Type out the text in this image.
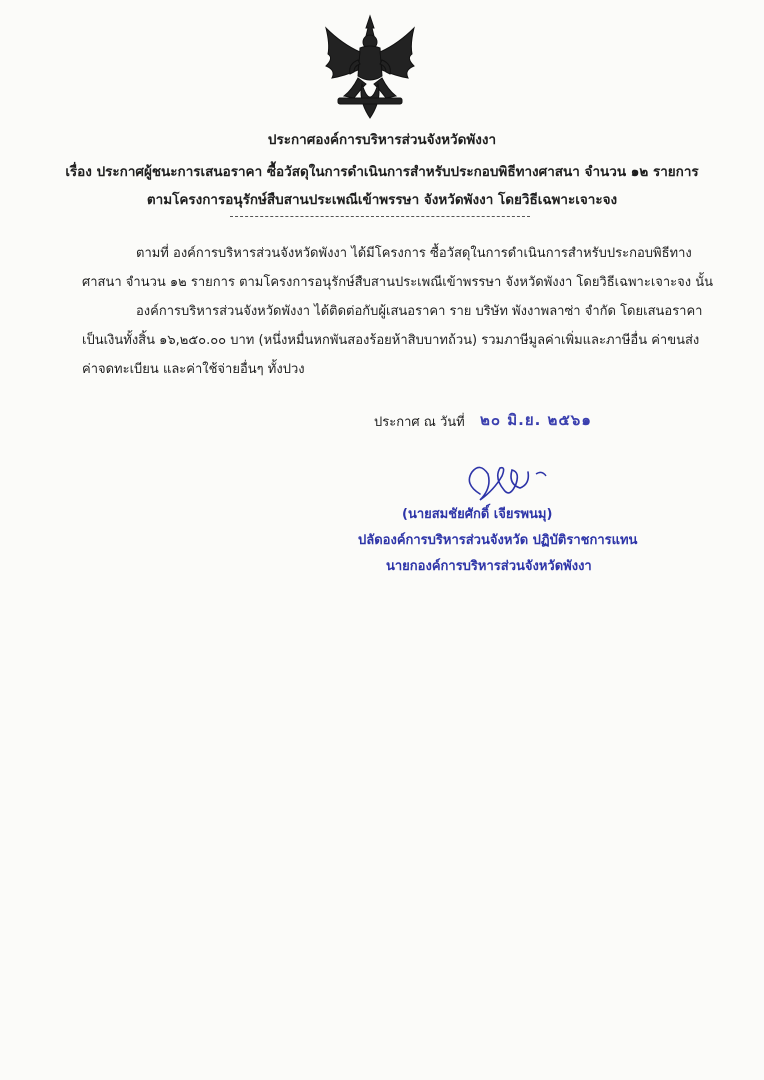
ประกาศองค์การบริหารส่วนจังหวัดพังงา
เรื่อง ประกาศผู้ชนะการเสนอราคา ซื้อวัสดุในการดำเนินการสำหรับประกอบพิธีทางศาสนา จำนวน ๑๒ รายการ
ตามโครงการอนุรักษ์สืบสานประเพณีเข้าพรรษา จังหวัดพังงา โดยวิธีเฉพาะเจาะจง
ตามที่ องค์การบริหารส่วนจังหวัดพังงา ได้มีโครงการ ซื้อวัสดุในการดำเนินการสำหรับประกอบพิธีทาง
ศาสนา จำนวน ๑๒ รายการ ตามโครงการอนุรักษ์สืบสานประเพณีเข้าพรรษา จังหวัดพังงา โดยวิธีเฉพาะเจาะจง นั้น
องค์การบริหารส่วนจังหวัดพังงา ได้ติดต่อกับผู้เสนอราคา ราย บริษัท พังงาพลาซ่า จำกัด โดยเสนอราคา
เป็นเงินทั้งสิ้น ๑๖,๒๕๐.๐๐ บาท (หนึ่งหมื่นหกพันสองร้อยห้าสิบบาทถ้วน) รวมภาษีมูลค่าเพิ่มและภาษีอื่น ค่าขนส่ง
ค่าจดทะเบียน และค่าใช้จ่ายอื่นๆ ทั้งปวง
ประกาศ ณ วันที่ ๒๐ มิ.ย. ๒๕๖๑
(นายสมชัยศักดิ์ เจียรพนมุ)
ปลัดองค์การบริหารส่วนจังหวัด ปฏิบัติราชการแทน
นายกองค์การบริหารส่วนจังหวัดพังงา
